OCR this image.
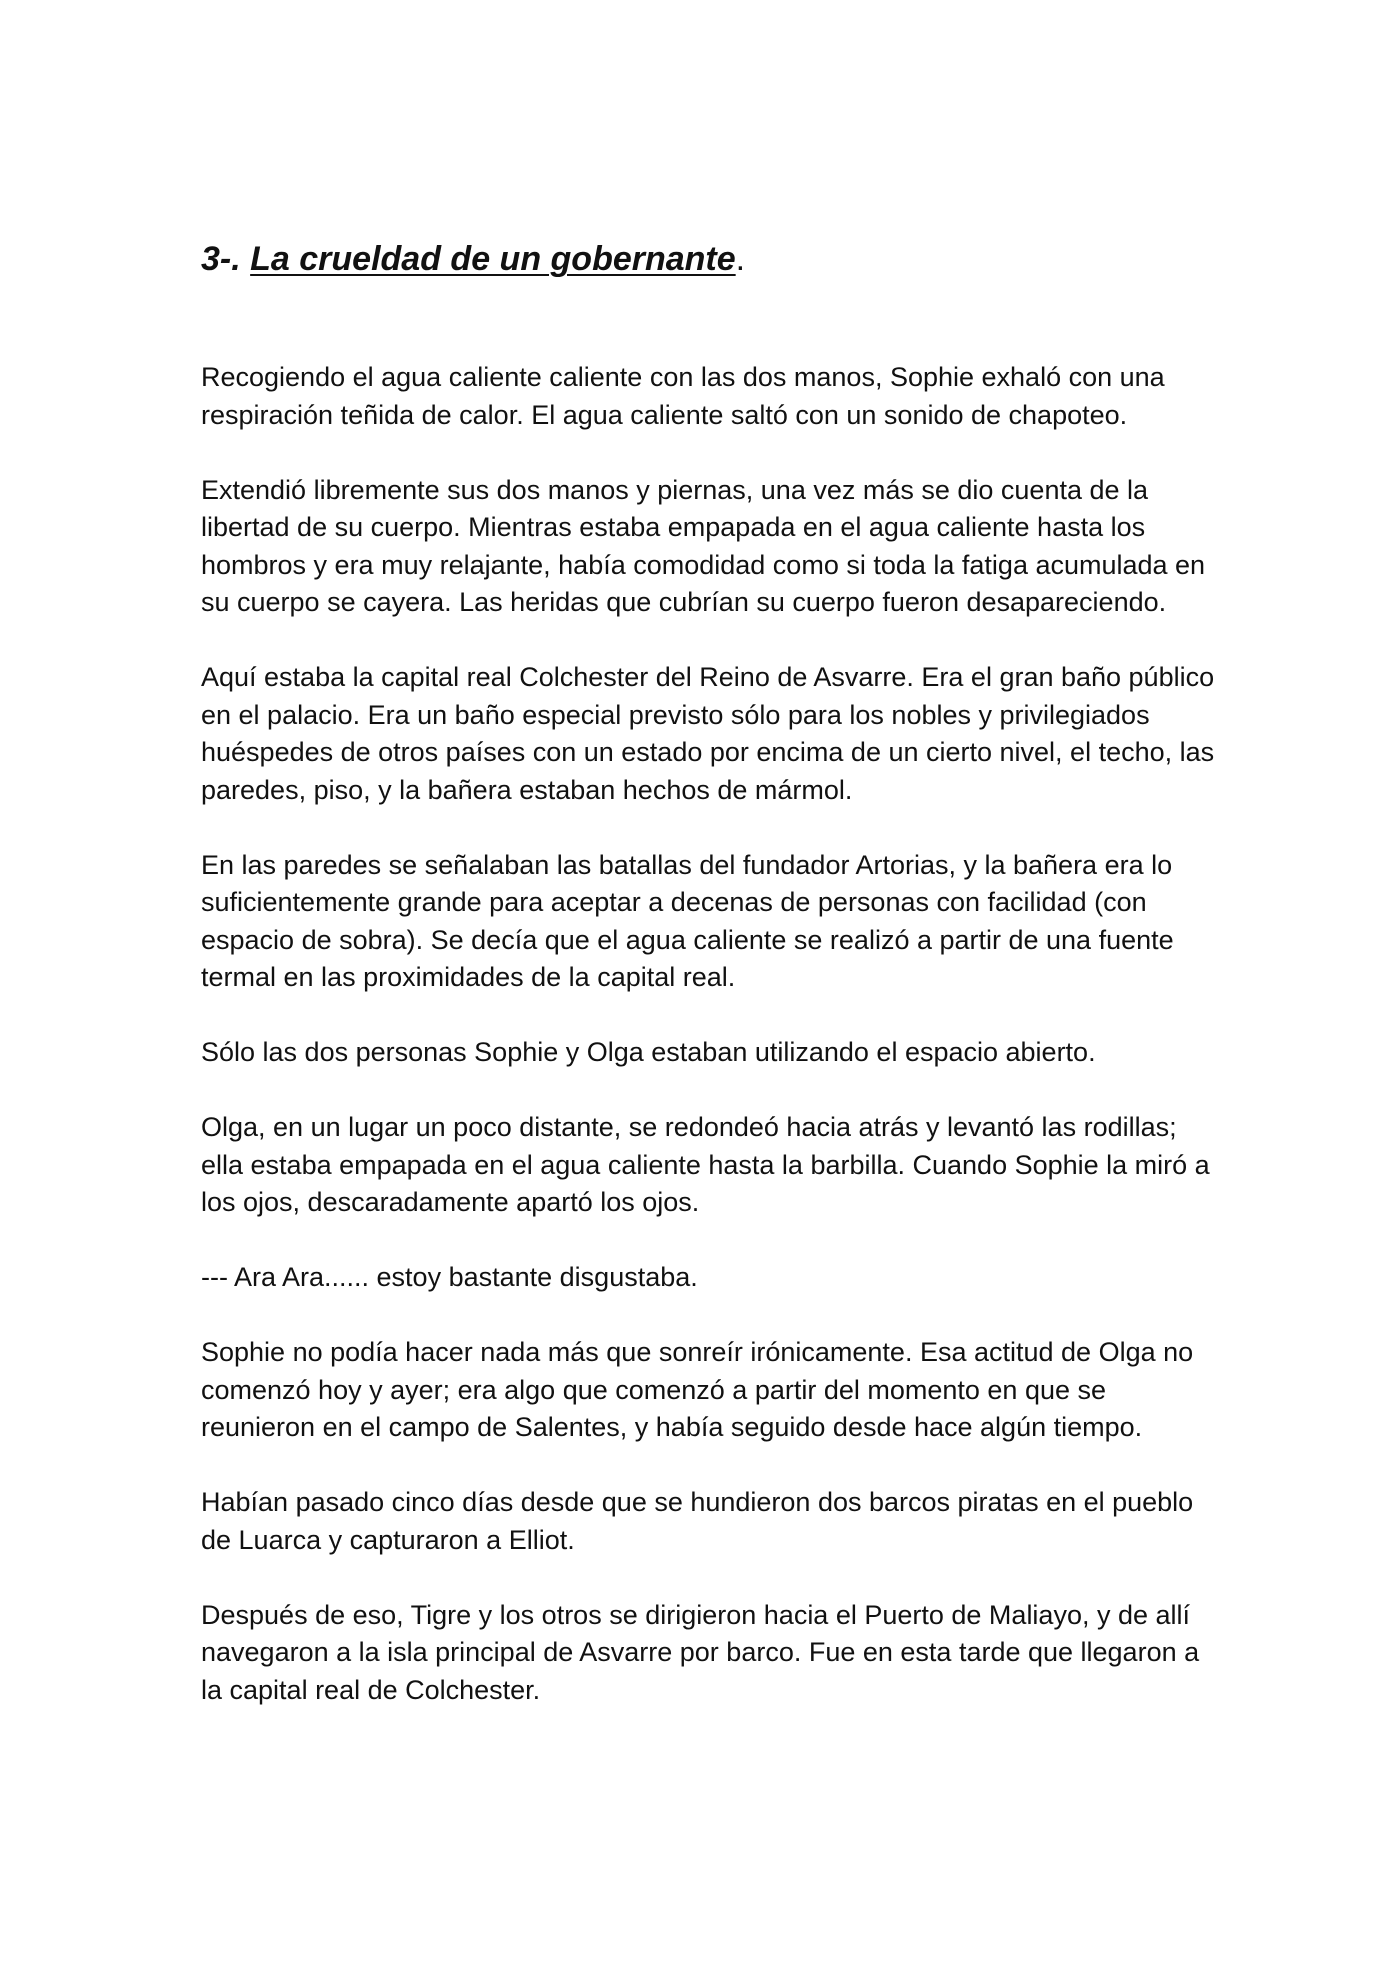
3-. La crueldad de un gobernante.

Recogiendo el agua caliente caliente con las dos manos, Sophie exhaló con una respiración teñida de calor. El agua caliente saltó con un sonido de chapoteo.

Extendió libremente sus dos manos y piernas, una vez más se dio cuenta de la libertad de su cuerpo. Mientras estaba empapada en el agua caliente hasta los hombros y era muy relajante, había comodidad como si toda la fatiga acumulada en su cuerpo se cayera. Las heridas que cubrían su cuerpo fueron desapareciendo.

Aquí estaba la capital real Colchester del Reino de Asvarre. Era el gran baño público en el palacio. Era un baño especial previsto sólo para los nobles y privilegiados huéspedes de otros países con un estado por encima de un cierto nivel, el techo, las paredes, piso, y la bañera estaban hechos de mármol.

En las paredes se señalaban las batallas del fundador Artorias, y la bañera era lo suficientemente grande para aceptar a decenas de personas con facilidad (con espacio de sobra). Se decía que el agua caliente se realizó a partir de una fuente termal en las proximidades de la capital real.

Sólo las dos personas Sophie y Olga estaban utilizando el espacio abierto.

Olga, en un lugar un poco distante, se redondeó hacia atrás y levantó las rodillas; ella estaba empapada en el agua caliente hasta la barbilla. Cuando Sophie la miró a los ojos, descaradamente apartó los ojos.

--- Ara Ara...... estoy bastante disgustaba.

Sophie no podía hacer nada más que sonreír irónicamente. Esa actitud de Olga no comenzó hoy y ayer; era algo que comenzó a partir del momento en que se reunieron en el campo de Salentes, y había seguido desde hace algún tiempo.

Habían pasado cinco días desde que se hundieron dos barcos piratas en el pueblo de Luarca y capturaron a Elliot.

Después de eso, Tigre y los otros se dirigieron hacia el Puerto de Maliayo, y de allí navegaron a la isla principal de Asvarre por barco. Fue en esta tarde que llegaron a la capital real de Colchester.
